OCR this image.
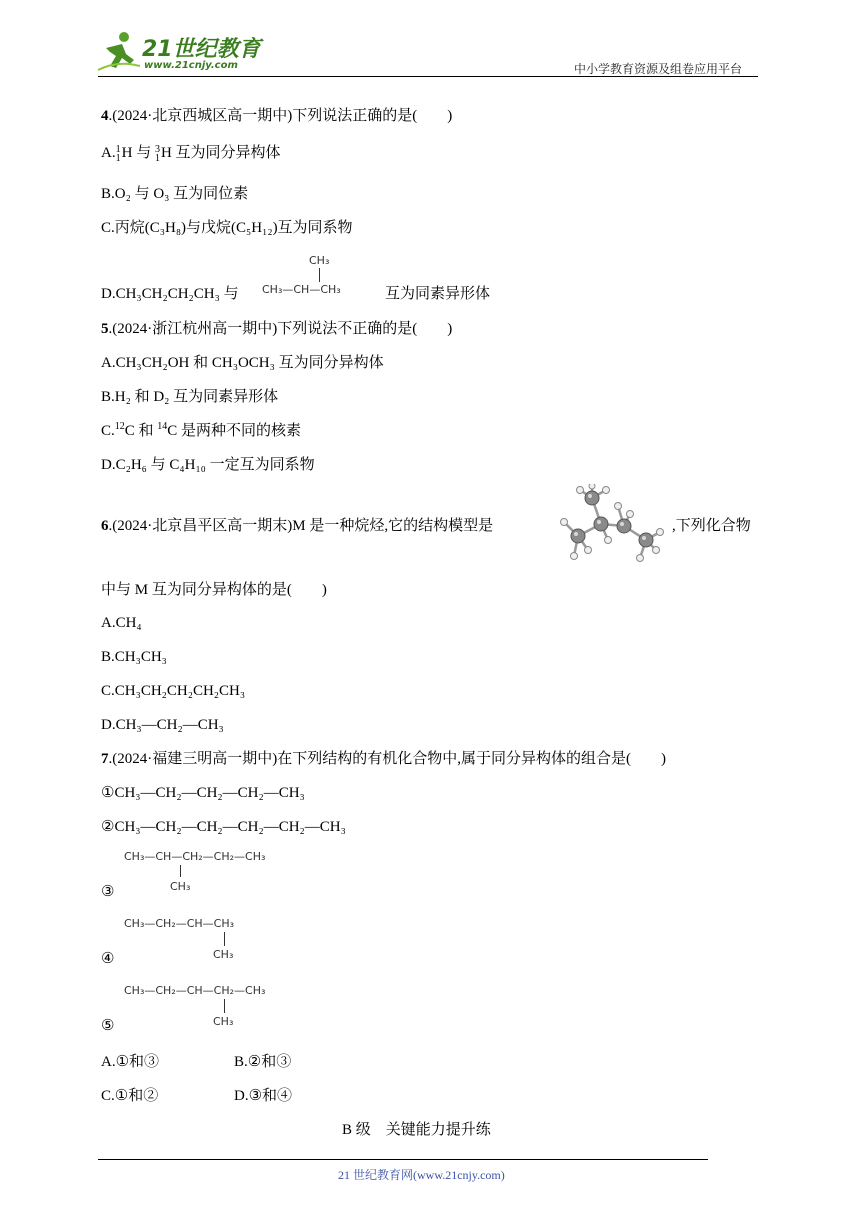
21世纪教育
www.21cnjy.com	中小学教育资源及组卷应用平台
4.(2024·北京西城区高一期中)下列说法正确的是(　　)
A. 1
1 H 与 3
1 H 互为同分异构体
B.O₂ 与 O₃ 互为同位素
C.丙烷(C₃H₈)与戊烷(C₅H₁₂)互为同系物
D.CH₃CH₂CH₂CH₃ 与
CH₃
CH₃—CH—CH₃	互为同素异形体
5.(2024·浙江杭州高一期中)下列说法不正确的是(　　)
A.CH₃CH₂OH 和 CH₃OCH₃ 互为同分异构体
B.H₂ 和 D₂ 互为同素异形体
C.$^{12}$C 和 $^{14}$C 是两种不同的核素
D.C₂H₆ 与 C₄H₁₀ 一定互为同系物
6.(2024·北京昌平区高一期末)M 是一种烷烃,它的结构模型是	,下列化合物
中与 M 互为同分异构体的是(　　)
A.CH₄
B.CH₃CH₃
C.CH₃CH₂CH₂CH₂CH₃
D.CH₃—CH₂—CH₃
7.(2024·福建三明高一期中)在下列结构的有机化合物中,属于同分异构体的组合是(　　)
①CH₃—CH₂—CH₂—CH₂—CH₃
②CH₃—CH₂—CH₂—CH₂—CH₂—CH₃
CH₃—CH—CH₂—CH₂—CH₃
CH₃
③
CH₃—CH₂—CH—CH₃
CH₃
④
CH₃—CH₂—CH—CH₂—CH₃
CH₃
⑤
A.①和③	B.②和③
C.①和②	D.③和④
B 级　关键能力提升练
21 世纪教育网(www.21cnjy.com)
